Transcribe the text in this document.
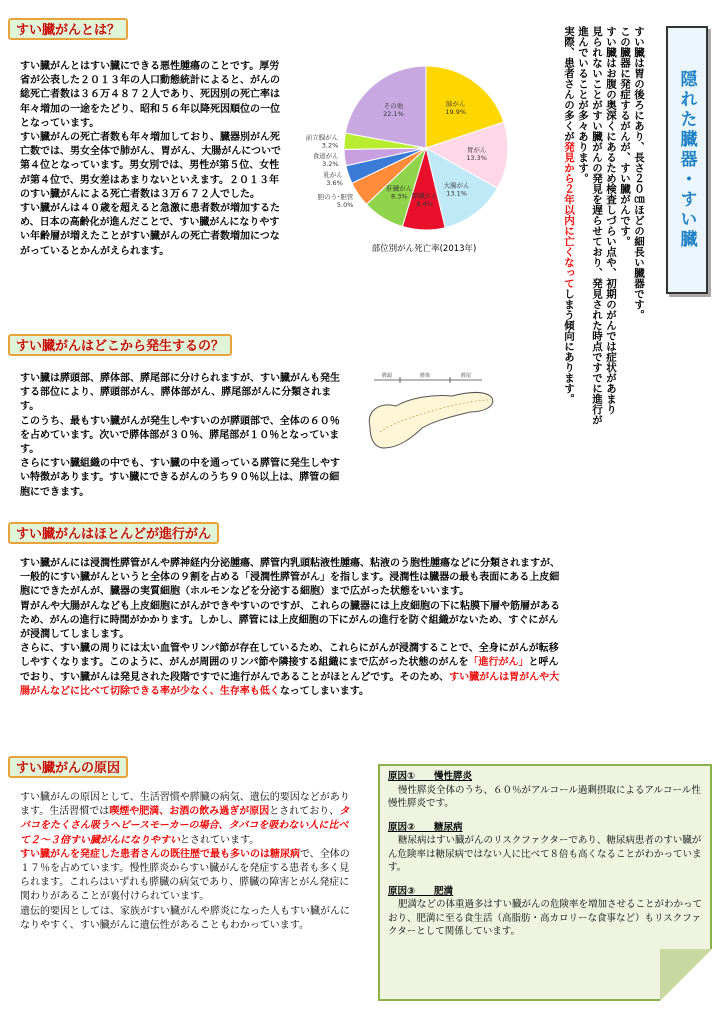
すい臓がんとは？

すい臓がんとはすい臓にできる悪性腫瘍のことです。厚労省が公表した２０１３年の人口動態統計によると、がんの総死亡者数は３６万４８７２人であり、死因別の死亡率は年々増加の一途をたどり、昭和５６年以降死因順位の一位となっています。

すい臓がんの死亡者数も年々増加しており、臓器別がん死亡数では、男女全体で肺がん、胃がん、大腸がんについで第４位となっています。男女別では、男性が第５位、女性が第４位で、男女差はあまりないといえます。２０１３年のすい臓がんによる死亡者数は３万６７２人でした。

すい臓がんは４０歳を超えると急激に患者数が増加するため、日本の高齢化が進んだことで、すい臓がんになりやすい年齢層が増えたことがすい臓がんの死亡者数増加につながっているとかんがえられます。

肺がん
19.9%
胃がん
13.3%
大腸がん
13.1%
膵臓がん
8.4%
肝臓がん
8.3%
胆のう･胆管
5.0%
乳がん
3.6%
食道がん
3.2%
前立腺がん
3.2%
その他
22.1%
部位別がん死亡率(2013年)	隠れた臓器・すい臓
すい臓は胃の後ろにあり、長さ２０㎝ほどの細長い臓器です。
この臓器に発症するがんが、すい臓がんです。
すい臓はお腹の奥深くにあるため検査しづらい点や、初期のがんでは症状があまり
見られないことがすい臓がんの発見を遅らせており、発見された時点ですでに進行が
進んでいることが多々あります。
実際、患者さんの多くが発見から２年以内に亡くなってしまう傾向にあります。
すい臓がんはどこから発生するの？

すい臓は膵頭部、膵体部、膵尾部に分けられますが、すい臓がんも発生する部位により、膵頭部がん、膵体部がん、膵尾部がんに分類されます。

このうち、最もすい臓がんが発生しやすいのが膵頭部で、全体の６０％を占めています。次いで膵体部が３０％、膵尾部が１０％となっています。

さらにすい臓組織の中でも、すい臓の中を通っている膵管に発生しやすい特徴があります。すい臓にできるがんのうち９０％以上は、膵管の細胞にできます。

膵頭	膵体	膵尾
すい臓がんはほとんどが進行がん

すい臓がんには浸潤性膵管がんや膵神経内分泌腫瘍、膵管内乳頭粘液性腫瘍、粘液のう胞性腫瘍などに分類されますが、一般的にすい臓がんというと全体の９割を占める「浸潤性膵管がん」を指します。浸潤性は臓器の最も表面にある上皮細胞にできたがんが、臓器の実質細胞（ホルモンなどを分泌する細胞）まで広がった状態をいいます。

胃がんや大腸がんなども上皮細胞にがんができやすいのですが、これらの臓器には上皮細胞の下に粘膜下層や筋層があるため、がんの進行に時間がかかります。しかし、膵管には上皮細胞の下にがんの進行を防ぐ組織がないため、すぐにがんが浸潤してしまします。

さらに、すい臓の周りには太い血管やリンパ節が存在しているため、これらにがんが浸潤することで、全身にがんが転移しやすくなります。このように、がんが周囲のリンパ節や隣接する組織にまで広がった状態のがんを「進行がん」と呼んでおり、すい臓がんは発見された段階ですでに進行がんであることがほとんどです。そのため、すい臓がんは胃がんや大腸がんなどに比べて切除できる率が少なく、生存率も低くなってしまいます。

すい臓がんの原因

すい臓がんの原因として、生活習慣や膵臓の病気、遺伝的要因などがあります。生活習慣では喫煙や肥満、お酒の飲み過ぎが原因とされており、タバコをたくさん吸うヘビースモーカーの場合、タバコを吸わない人に比べて２～３倍すい臓がんになりやすいとされています。

すい臓がんを発症した患者さんの既往歴で最も多いのは糖尿病で、全体の１７％を占めています。慢性膵炎からすい臓がんを発症する患者も多く見られます。これらはいずれも膵臓の病気であり、膵臓の障害とがん発症に関わりがあることが裏付けられています。

遺伝的要因としては、家族がすい臓がんや膵炎になった人もすい臓がんになりやすく、すい臓がんに遺伝性があることもわかっています。

原因①　　慢性膵炎
慢性膵炎全体のうち、６０％がアルコール過剰摂取によるアルコール性慢性膵炎です。
原因②　　糖尿病
糖尿病はすい臓がんのリスクファクターであり、糖尿病患者のすい臓がん危険率は糖尿病ではない人に比べて８倍も高くなることがわかっています。
原因③　　肥満
肥満などの体重過多はすい臓がんの危険率を増加させることがわかっており、肥満に至る食生活（高脂肪・高カロリーな食事など）もリスクファクターとして関係しています。
